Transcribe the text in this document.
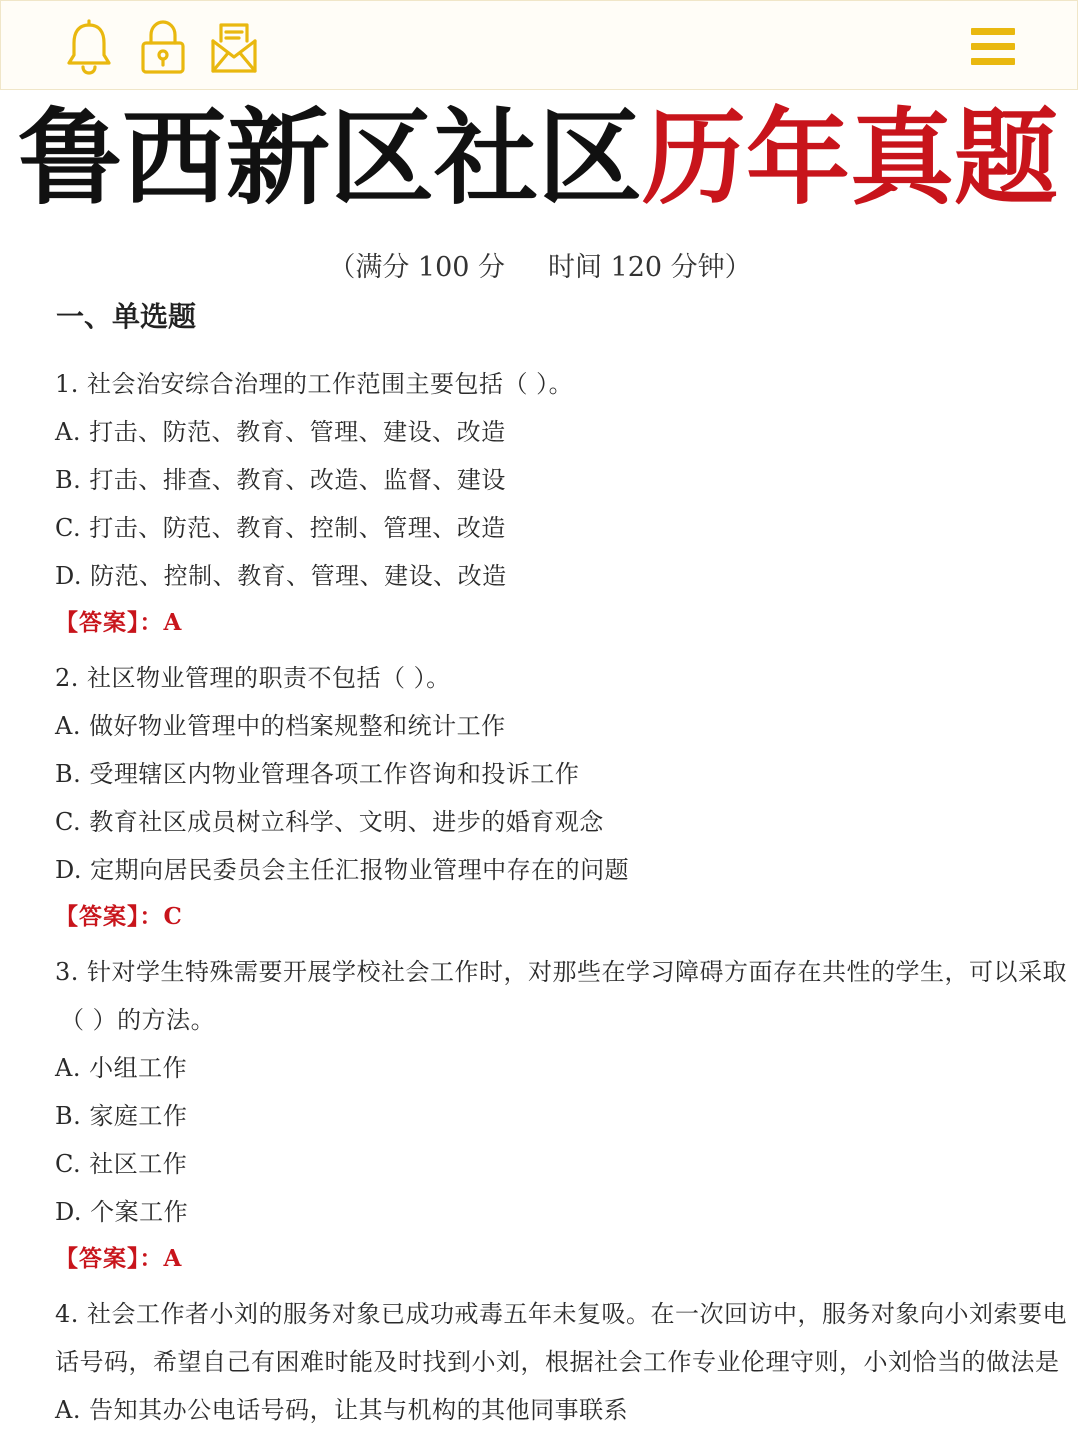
鲁西新区社区历年真题
（满分 100 分     时间 120 分钟）
一、单选题
1. 社会治安综合治理的工作范围主要包括（ ）。
A. 打击、防范、教育、管理、建设、改造
B. 打击、排查、教育、改造、监督、建设
C. 打击、防范、教育、控制、管理、改造
D. 防范、控制、教育、管理、建设、改造
【答案】：A
2. 社区物业管理的职责不包括（ ）。
A. 做好物业管理中的档案规整和统计工作
B. 受理辖区内物业管理各项工作咨询和投诉工作
C. 教育社区成员树立科学、文明、进步的婚育观念
D. 定期向居民委员会主任汇报物业管理中存在的问题
【答案】：C
3. 针对学生特殊需要开展学校社会工作时，对那些在学习障碍方面存在共性的学生，可以采取
（ ）的方法。
A. 小组工作
B. 家庭工作
C. 社区工作
D. 个案工作
【答案】：A
4. 社会工作者小刘的服务对象已成功戒毒五年未复吸。在一次回访中，服务对象向小刘索要电
话号码，希望自己有困难时能及时找到小刘，根据社会工作专业伦理守则，小刘恰当的做法是
A. 告知其办公电话号码，让其与机构的其他同事联系
